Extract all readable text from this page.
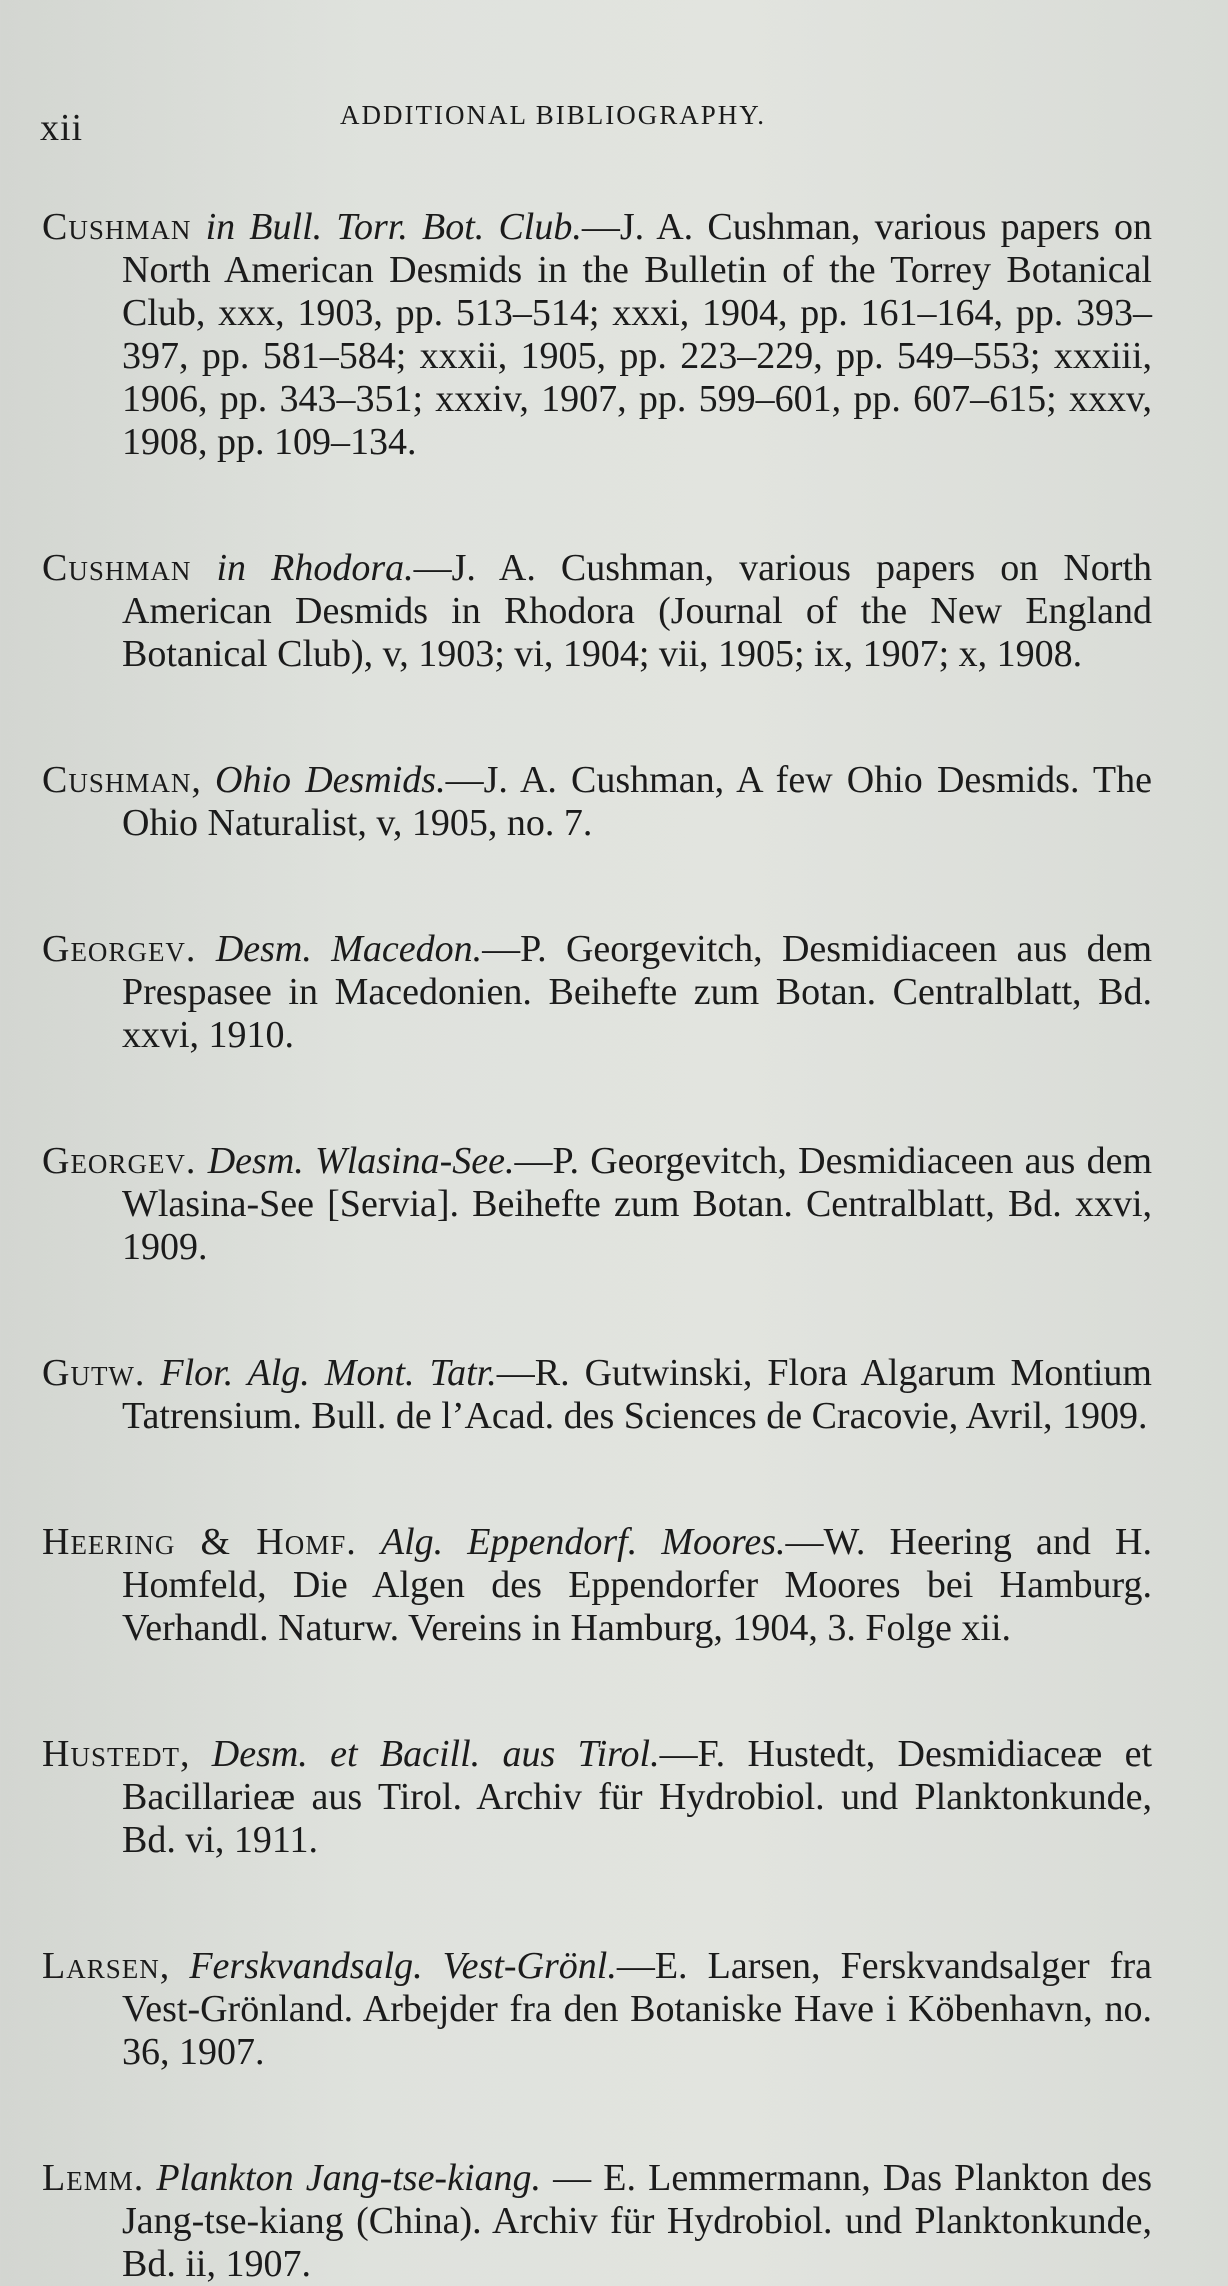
xii	ADDITIONAL BIBLIOGRAPHY.

Cushman in Bull. Torr. Bot. Club.—J. A. Cushman, various papers on North American Desmids in the Bulletin of the Torrey Botanical Club, xxx, 1903, pp. 513–514; xxxi, 1904, pp. 161–164, pp. 393–397, pp. 581–584; xxxii, 1905, pp. 223–229, pp. 549–553; xxxiii, 1906, pp. 343–351; xxxiv, 1907, pp. 599–601, pp. 607–615; xxxv, 1908, pp. 109–134.

Cushman in Rhodora.—J. A. Cushman, various papers on North American Desmids in Rhodora (Journal of the New England Botanical Club), v, 1903; vi, 1904; vii, 1905; ix, 1907; x, 1908.

Cushman, Ohio Desmids.—J. A. Cushman, A few Ohio Desmids. The Ohio Naturalist, v, 1905, no. 7.

Georgev. Desm. Macedon.—P. Georgevitch, Desmidiaceen aus dem Prespasee in Macedonien. Beihefte zum Botan. Centralblatt, Bd. xxvi, 1910.

Georgev. Desm. Wlasina-See.—P. Georgevitch, Desmidiaceen aus dem Wlasina-See [Servia]. Beihefte zum Botan. Centralblatt, Bd. xxvi, 1909.

Gutw. Flor. Alg. Mont. Tatr.—R. Gutwinski, Flora Algarum Montium Tatrensium. Bull. de l’Acad. des Sciences de Cracovie, Avril, 1909.

Heering & Homf. Alg. Eppendorf. Moores.—W. Heering and H. Homfeld, Die Algen des Eppendorfer Moores bei Hamburg. Verhandl. Naturw. Vereins in Hamburg, 1904, 3. Folge xii.

Hustedt, Desm. et Bacill. aus Tirol.—F. Hustedt, Desmidiaceæ et Bacillarieæ aus Tirol. Archiv für Hydrobiol. und Planktonkunde, Bd. vi, 1911.

Larsen, Ferskvandsalg. Vest-Grönl.—E. Larsen, Ferskvandsalger fra Vest-Grönland. Arbejder fra den Botaniske Have i Köbenhavn, no. 36, 1907.

Lemm. Plankton Jang-tse-kiang. — E. Lemmermann, Das Plankton des Jang-tse-kiang (China). Archiv für Hydrobiol. und Planktonkunde, Bd. ii, 1907.
